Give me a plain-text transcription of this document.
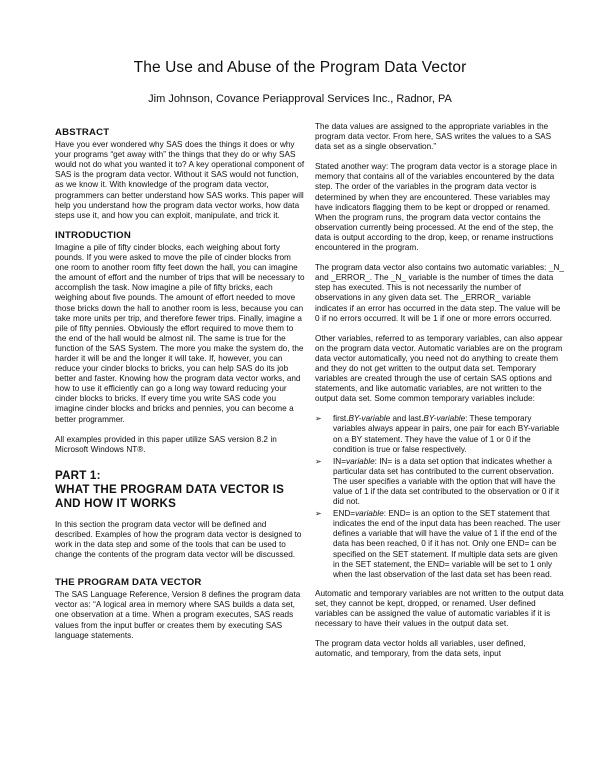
The Use and Abuse of the Program Data Vector
Jim Johnson, Covance Periapproval Services Inc., Radnor, PA
ABSTRACT

Have you ever wondered why SAS does the things it does or why your programs “get away with” the things that they do or why SAS would not do what you wanted it to? A key operational component of SAS is the program data vector. Without it SAS would not function, as we know it. With knowledge of the program data vector, programmers can better understand how SAS works. This paper will help you understand how the program data vector works, how data steps use it, and how you can exploit, manipulate, and trick it.

INTRODUCTION

Imagine a pile of fifty cinder blocks, each weighing about forty pounds. If you were asked to move the pile of cinder blocks from one room to another room fifty feet down the hall, you can imagine the amount of effort and the number of trips that will be necessary to accomplish the task. Now imagine a pile of fifty bricks, each weighing about five pounds. The amount of effort needed to move those bricks down the hall to another room is less, because you can take more units per trip, and therefore fewer trips. Finally, imagine a pile of fifty pennies. Obviously the effort required to move them to the end of the hall would be almost nil. The same is true for the function of the SAS System. The more you make the system do, the harder it will be and the longer it will take. If, however, you can reduce your cinder blocks to bricks, you can help SAS do its job better and faster. Knowing how the program data vector works, and how to use it efficiently can go a long way toward reducing your cinder blocks to bricks. If every time you write SAS code you imagine cinder blocks and bricks and pennies, you can become a better programmer.

All examples provided in this paper utilize SAS version 8.2 in Microsoft Windows NT®.

PART 1:
WHAT THE PROGRAM DATA VECTOR IS AND HOW IT WORKS

In this section the program data vector will be defined and described. Examples of how the program data vector is designed to work in the data step and some of the tools that can be used to change the contents of the program data vector will be discussed.

THE PROGRAM DATA VECTOR

The SAS Language Reference, Version 8 defines the program data vector as: “A logical area in memory where SAS builds a data set, one observation at a time. When a program executes, SAS reads values from the input buffer or creates them by executing SAS language statements.

The data values are assigned to the appropriate variables in the program data vector. From here, SAS writes the values to a SAS data set as a single observation.”

Stated another way: The program data vector is a storage place in memory that contains all of the variables encountered by the data step. The order of the variables in the program data vector is determined by when they are encountered. These variables may have indicators flagging them to be kept or dropped or renamed. When the program runs, the program data vector contains the observation currently being processed. At the end of the step, the data is output according to the drop, keep, or rename instructions encountered in the program.

The program data vector also contains two automatic variables: _N_ and _ERROR_. The _N_ variable is the number of times the data step has executed. This is not necessarily the number of observations in any given data set. The _ERROR_ variable indicates if an error has occurred in the data step. The value will be 0 if no errors occurred. It will be 1 if one or more errors occurred.

Other variables, referred to as temporary variables, can also appear on the program data vector. Automatic variables are on the program data vector automatically, you need not do anything to create them and they do not get written to the output data set. Temporary variables are created through the use of certain SAS options and statements, and like automatic variables, are not written to the output data set. Some common temporary variables include:

➢ first.BY-variable and last.BY-variable: These temporary variables always appear in pairs, one pair for each BY-variable on a BY statement. They have the value of 1 or 0 if the condition is true or false respectively.
➢ IN=variable: IN= is a data set option that indicates whether a particular data set has contributed to the current observation. The user specifies a variable with the option that will have the value of 1 if the data set contributed to the observation or 0 if it did not.
➢ END=variable: END= is an option to the SET statement that indicates the end of the input data has been reached. The user defines a variable that will have the value of 1 if the end of the data has been reached, 0 if it has not. Only one END= can be specified on the SET statement. If multiple data sets are given in the SET statement, the END= variable will be set to 1 only when the last observation of the last data set has been read.

Automatic and temporary variables are not written to the output data set, they cannot be kept, dropped, or renamed. User defined variables can be assigned the value of automatic variables if it is necessary to have their values in the output data set.

The program data vector holds all variables, user defined, automatic, and temporary, from the data sets, input
